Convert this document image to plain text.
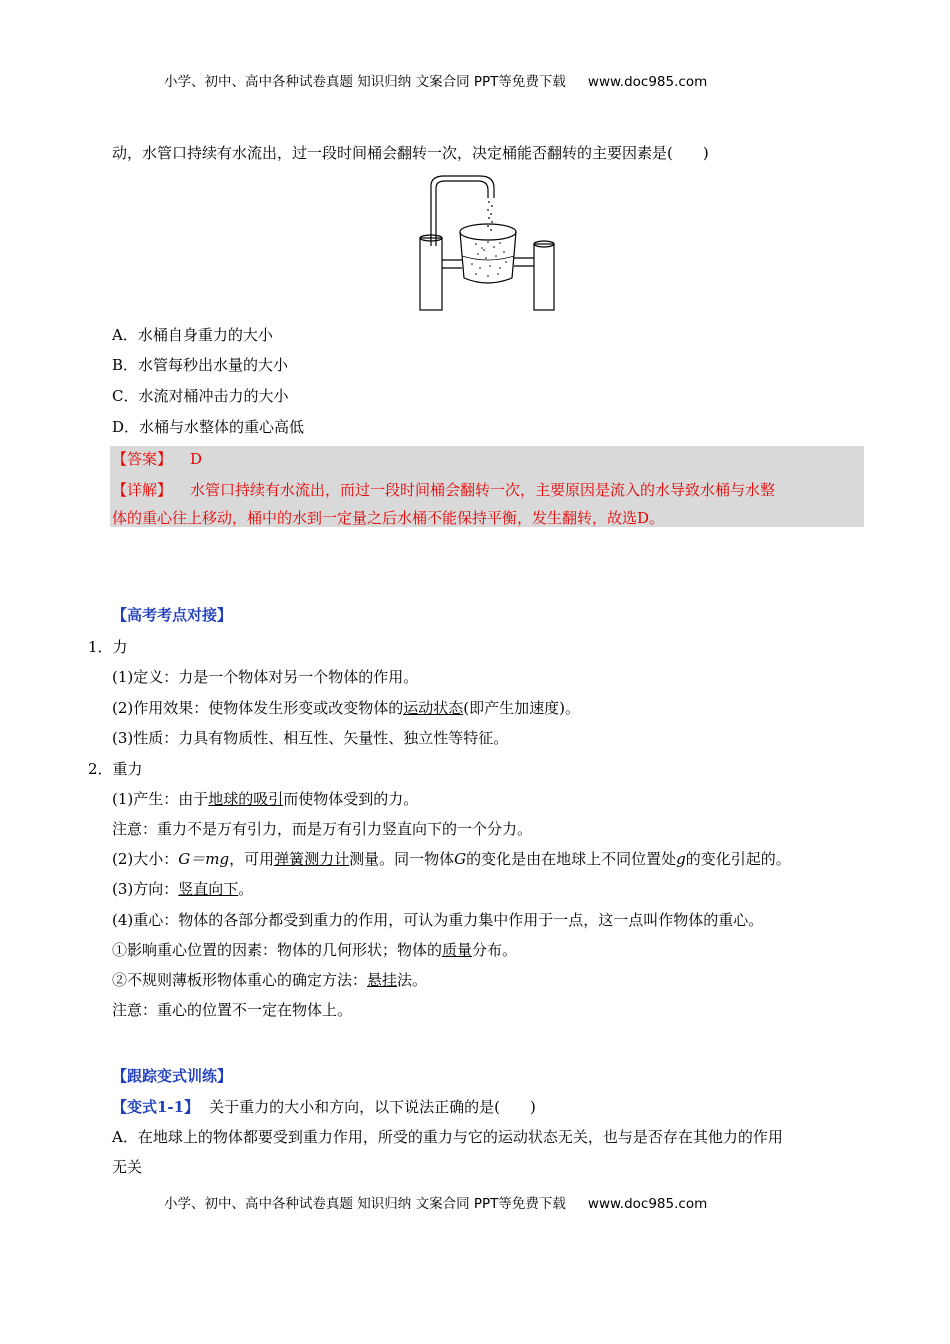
小学、初中、高中各种试卷真题 知识归纳 文案合同 PPT等免费下载 www.doc985.com
动，水管口持续有水流出，过一段时间桶会翻转一次，决定桶能否翻转的主要因素是(　　)
A．水桶自身重力的大小
B．水管每秒出水量的大小
C．水流对桶冲击力的大小
D．水桶与水整体的重心高低
【答案】 D
【详解】 水管口持续有水流出，而过一段时间桶会翻转一次，主要原因是流入的水导致水桶与水整
体的重心往上移动，桶中的水到一定量之后水桶不能保持平衡，发生翻转，故选D。
【高考考点对接】
1．力
(1)定义：力是一个物体对另一个物体的作用。
(2)作用效果：使物体发生形变或改变物体的运动状态(即产生加速度)。
(3)性质：力具有物质性、相互性、矢量性、独立性等特征。
2．重力
(1)产生：由于地球的吸引而使物体受到的力。
注意：重力不是万有引力，而是万有引力竖直向下的一个分力。
(2)大小：G＝mg，可用弹簧测力计测量。同一物体G的变化是由在地球上不同位置处g的变化引起的。
(3)方向：竖直向下。
(4)重心：物体的各部分都受到重力的作用，可认为重力集中作用于一点，这一点叫作物体的重心。
①影响重心位置的因素：物体的几何形状；物体的质量分布。
②不规则薄板形物体重心的确定方法：悬挂法。
注意：重心的位置不一定在物体上。
【跟踪变式训练】
【变式1-1】 关于重力的大小和方向，以下说法正确的是(　　)
A．在地球上的物体都要受到重力作用，所受的重力与它的运动状态无关，也与是否存在其他力的作用
无关
小学、初中、高中各种试卷真题 知识归纳 文案合同 PPT等免费下载 www.doc985.com
